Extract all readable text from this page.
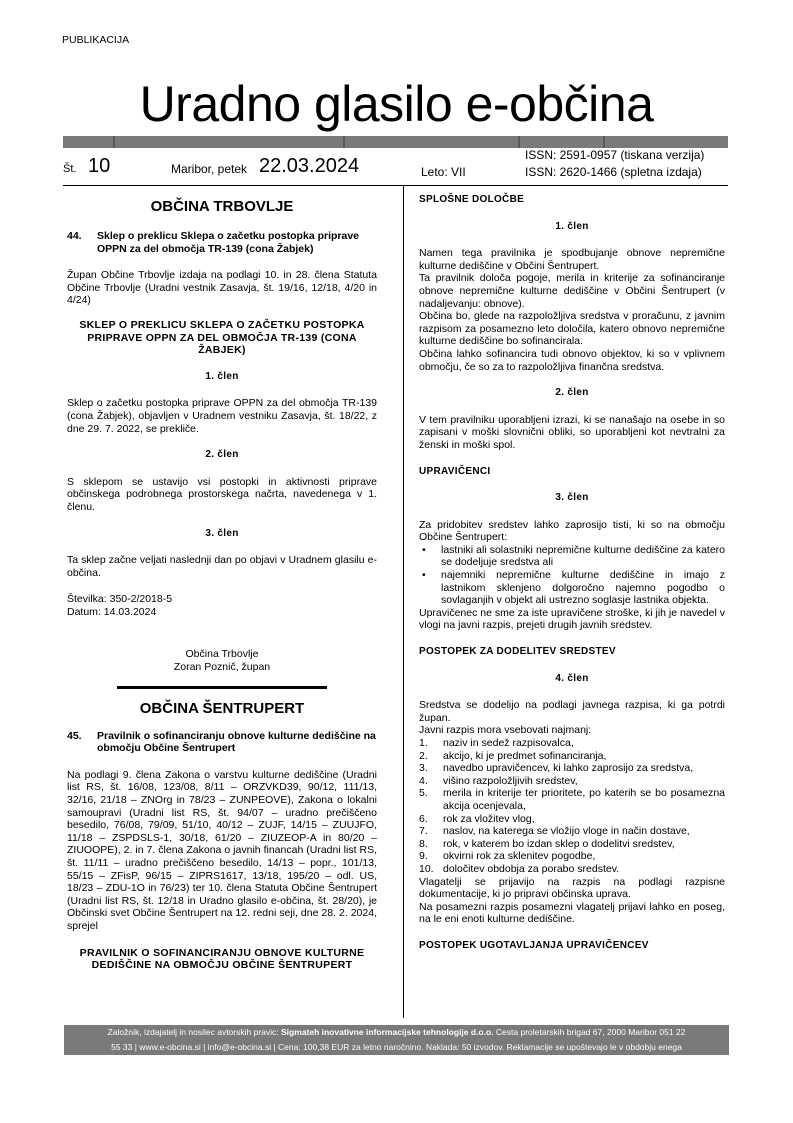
PUBLIKACIJA
Uradno glasilo e-občina
Št. 10	Maribor, petek 22.03.2024	Leto: VII
ISSN: 2591-0957 (tiskana verzija)
ISSN: 2620-1466 (spletna izdaja)
OBČINA TRBOVLJE
44. Sklep o preklicu Sklepa o začetku postopka priprave OPPN za del območja TR-139 (cona Žabjek)

Župan Občine Trbovlje izdaja na podlagi 10. in 28. člena Statuta Občine Trbovlje (Uradni vestnik Zasavja, št. 19/16, 12/18, 4/20 in 4/24)

SKLEP O PREKLICU SKLEPA O ZAČETKU POSTOPKA PRIPRAVE OPPN ZA DEL OBMOČJA TR-139 (CONA ŽABJEK)

1. člen

Sklep o začetku postopka priprave OPPN za del območja TR-139 (cona Žabjek), objavljen v Uradnem vestniku Zasavja, št. 18/22, z dne 29. 7. 2022, se prekliče.

2. člen

S sklepom se ustavijo vsi postopki in aktivnosti priprave občinskega podrobnega prostorskega načrta, navedenega v 1. členu.

3. člen

Ta sklep začne veljati naslednji dan po objavi v Uradnem glasilu e-občina.

Številka: 350-2/2018-5

Datum: 14.03.2024

Občina Trbovlje

Zoran Poznič, župan

OBČINA ŠENTRUPERT
45. Pravilnik o sofinanciranju obnove kulturne dediščine na območju Občine Šentrupert

Na podlagi 9. člena Zakona o varstvu kulturne dediščine (Uradni list RS, št. 16/08, 123/08, 8/11 – ORZVKD39, 90/12, 111/13, 32/16, 21/18 – ZNOrg in 78/23 – ZUNPEOVE), Zakona o lokalni samoupravi (Uradni list RS, št. 94/07 – uradno prečiščeno besedilo, 76/08, 79/09, 51/10, 40/12 – ZUJF, 14/15 – ZUUJFO, 11/18 – ZSPDSLS-1, 30/18, 61/20 – ZIUZEOP-A in 80/20 – ZIUOOPE), 2. in 7. člena Zakona o javnih financah (Uradni list RS, št. 11/11 – uradno prečiščeno besedilo, 14/13 – popr., 101/13, 55/15 – ZFisP, 96/15 – ZIPRS1617, 13/18, 195/20 – odl. US, 18/23 – ZDU-1O in 76/23) ter 10. člena Statuta Občine Šentrupert (Uradni list RS, št. 12/18 in Uradno glasilo e-občina, št. 28/20), je Občinski svet Občine Šentrupert na 12. redni seji, dne 28. 2. 2024, sprejel

PRAVILNIK O SOFINANCIRANJU OBNOVE KULTURNE DEDIŠČINE NA OBMOČJU OBČINE ŠENTRUPERT

SPLOŠNE DOLOČBE

1. člen

Namen tega pravilnika je spodbujanje obnove nepremične kulturne dediščine v Občini Šentrupert.
Ta pravilnik določa pogoje, merila in kriterije za sofinanciranje obnove nepremične kulturne dediščine v Občini Šentrupert (v nadaljevanju: obnove).
Občina bo, glede na razpoložljiva sredstva v proračunu, z javnim razpisom za posamezno leto določila, katero obnovo nepremične kulturne dediščine bo sofinancirala.
Občina lahko sofinancira tudi obnovo objektov, ki so v vplivnem območju, če so za to razpoložljiva finančna sredstva.

2. člen

V tem pravilniku uporabljeni izrazi, ki se nanašajo na osebe in so zapisani v moški slovnični obliki, so uporabljeni kot nevtralni za ženski in moški spol.

UPRAVIČENCI

3. člen

Za pridobitev sredstev lahko zaprosijo tisti, ki so na območju Občine Šentrupert:

• lastniki ali solastniki nepremične kulturne dediščine za katero se dodeljuje sredstva ali
• najemniki nepremične kulturne dediščine in imajo z lastnikom sklenjeno dolgoročno najemno pogodbo o sovlaganjih v objekt ali ustrezno soglasje lastnika objekta.

Upravičenec ne sme za iste upravičene stroške, ki jih je navedel v vlogi na javni razpis, prejeti drugih javnih sredstev.

POSTOPEK ZA DODELITEV SREDSTEV

4. člen

Sredstva se dodelijo na podlagi javnega razpisa, ki ga potrdi župan.
Javni razpis mora vsebovati najmanj:

1. naziv in sedež razpisovalca,
2. akcijo, ki je predmet sofinanciranja,
3. navedbo upravičencev, ki lahko zaprosijo za sredstva,
4. višino razpoložljivih sredstev,
5. merila in kriterije ter prioritete, po katerih se bo posamezna akcija ocenjevala,
6. rok za vložitev vlog,
7. naslov, na katerega se vložijo vloge in način dostave,
8. rok, v katerem bo izdan sklep o dodelitvi sredstev,
9. okvirni rok za sklenitev pogodbe,
10. določitev obdobja za porabo sredstev.

Vlagatelji se prijavijo na razpis na podlagi razpisne dokumentacije, ki jo pripravi občinska uprava.
Na posamezni razpis posamezni vlagatelj prijavi lahko en poseg, na le eni enoti kulturne dediščine.

POSTOPEK UGOTAVLJANJA UPRAVIČENCEV

Založnik, izdajatelj in nosilec avtorskih pravic: Sigmateh inovativne informacijske tehnologije d.o.o. Cesta proletarskih brigad 67, 2000 Maribor 051 22
55 33 | www.e-obcina.si | info@e-obcina.si | Cena: 100,38 EUR za letno naročnino. Naklada: 50 izvodov. Reklamacije se upoštevajo le v obdobju enega
